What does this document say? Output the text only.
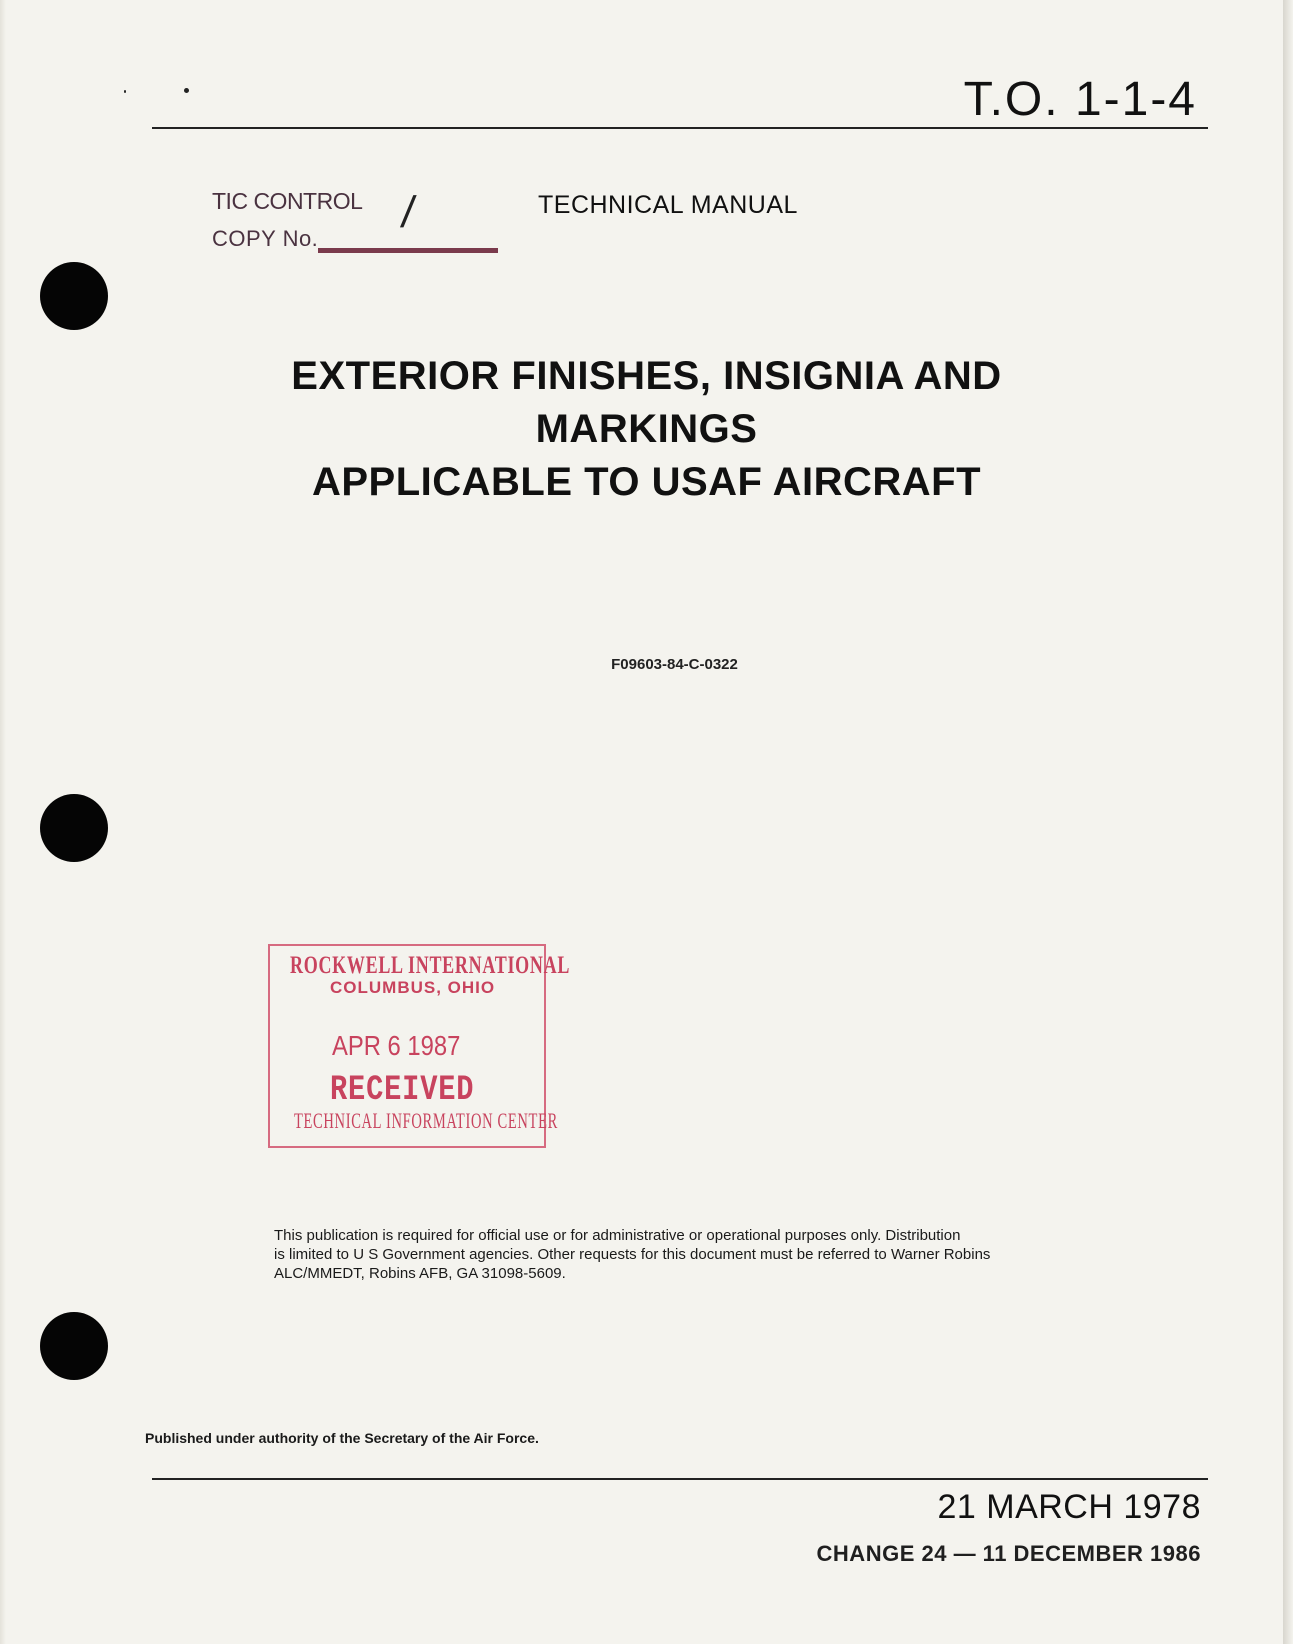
T.O. 1-1-4
TIC CONTROL
COPY No.
/	TECHNICAL MANUAL
EXTERIOR FINISHES, INSIGNIA AND
MARKINGS
APPLICABLE TO USAF AIRCRAFT
F09603-84-C-0322
ROCKWELL INTERNATIONAL
COLUMBUS, OHIO
APR 6 1987
RECEIVED
TECHNICAL INFORMATION CENTER
This publication is required for official use or for administrative or operational purposes only. Distribution
is limited to U S Government agencies. Other requests for this document must be referred to Warner Robins
ALC/MMEDT, Robins AFB, GA 31098-5609.
Published under authority of the Secretary of the Air Force.
21 MARCH 1978
CHANGE 24 — 11 DECEMBER 1986
